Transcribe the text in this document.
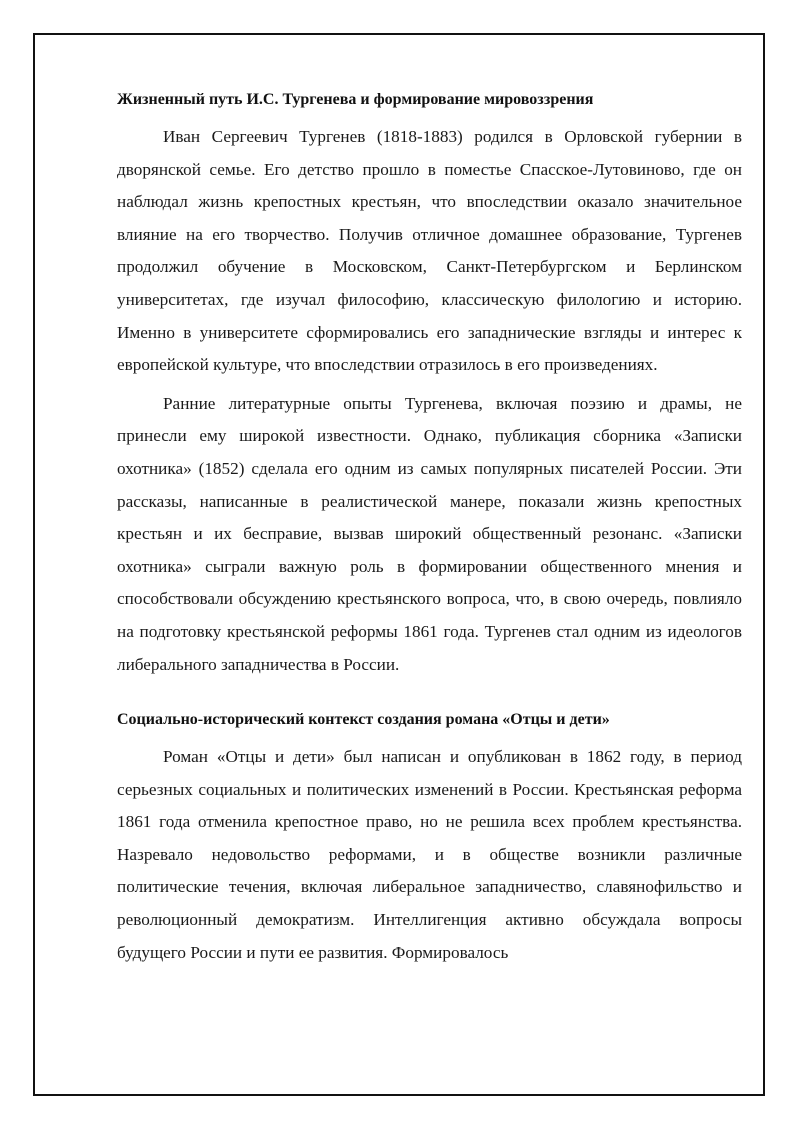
Жизненный путь И.С. Тургенева и формирование мировоззрения

Иван Сергеевич Тургенев (1818-1883) родился в Орловской губернии в дворянской семье. Его детство прошло в поместье Спасское-Лутовиново, где он наблюдал жизнь крепостных крестьян, что впоследствии оказало значительное влияние на его творчество. Получив отличное домашнее образование, Тургенев продолжил обучение в Московском, Санкт-Петербургском и Берлинском университетах, где изучал философию, классическую филологию и историю. Именно в университете сформировались его западнические взгляды и интерес к европейской культуре, что впоследствии отразилось в его произведениях.

Ранние литературные опыты Тургенева, включая поэзию и драмы, не принесли ему широкой известности. Однако, публикация сборника «Записки охотника» (1852) сделала его одним из самых популярных писателей России. Эти рассказы, написанные в реалистической манере, показали жизнь крепостных крестьян и их бесправие, вызвав широкий общественный резонанс. «Записки охотника» сыграли важную роль в формировании общественного мнения и способствовали обсуждению крестьянского вопроса, что, в свою очередь, повлияло на подготовку крестьянской реформы 1861 года. Тургенев стал одним из идеологов либерального западничества в России.

Социально-исторический контекст создания романа «Отцы и дети»

Роман «Отцы и дети» был написан и опубликован в 1862 году, в период серьезных социальных и политических изменений в России. Крестьянская реформа 1861 года отменила крепостное право, но не решила всех проблем крестьянства. Назревало недовольство реформами, и в обществе возникли различные политические течения, включая либеральное западничество, славянофильство и революционный демократизм. Интеллигенция активно обсуждала вопросы будущего России и пути ее развития. Формировалось
